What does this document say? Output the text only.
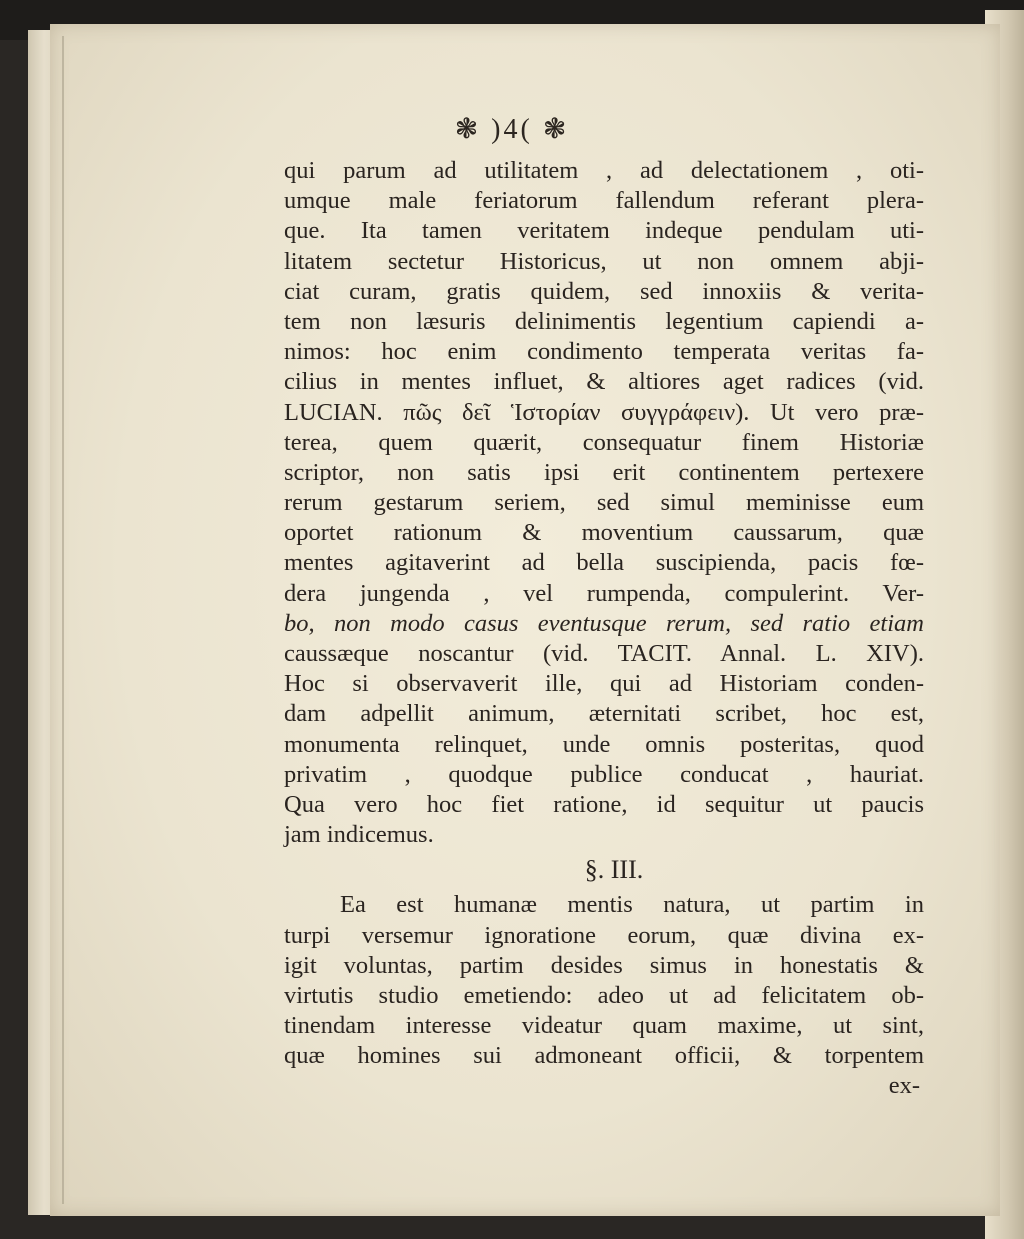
❃ )4( ❃
qui parum ad utilitatem , ad delectationem , oti-
umque male feriatorum fallendum referant plera-
que. Ita tamen veritatem indeque pendulam uti-
litatem sectetur Historicus, ut non omnem abji-
ciat curam, gratis quidem, sed innoxiis & verita-
tem non læsuris delinimentis legentium capiendi a-
nimos: hoc enim condimento temperata veritas fa-
cilius in mentes influet, & altiores aget radices (vid.
LUCIAN. πῶς δεῖ Ἱστορίαν συγγράφειν). Ut vero præ-
terea, quem quærit, consequatur finem Historiæ
scriptor, non satis ipsi erit continentem pertexere
rerum gestarum seriem, sed simul meminisse eum
oportet rationum & moventium caussarum, quæ
mentes agitaverint ad bella suscipienda, pacis fœ-
dera jungenda , vel rumpenda, compulerint. Ver-
bo, non modo casus eventusque rerum, sed ratio etiam
caussæque noscantur (vid. TACIT. Annal. L. XIV).
Hoc si observaverit ille, qui ad Historiam conden-
dam adpellit animum, æternitati scribet, hoc est,
monumenta relinquet, unde omnis posteritas, quod
privatim , quodque publice conducat , hauriat.
Qua vero hoc fiet ratione, id sequitur ut paucis
jam indicemus.
§. III.
Ea est humanæ mentis natura, ut partim in
turpi versemur ignoratione eorum, quæ divina ex-
igit voluntas, partim desides simus in honestatis &
virtutis studio emetiendo: adeo ut ad felicitatem ob-
tinendam interesse videatur quam maxime, ut sint,
quæ homines sui admoneant officii, & torpentem
ex-
